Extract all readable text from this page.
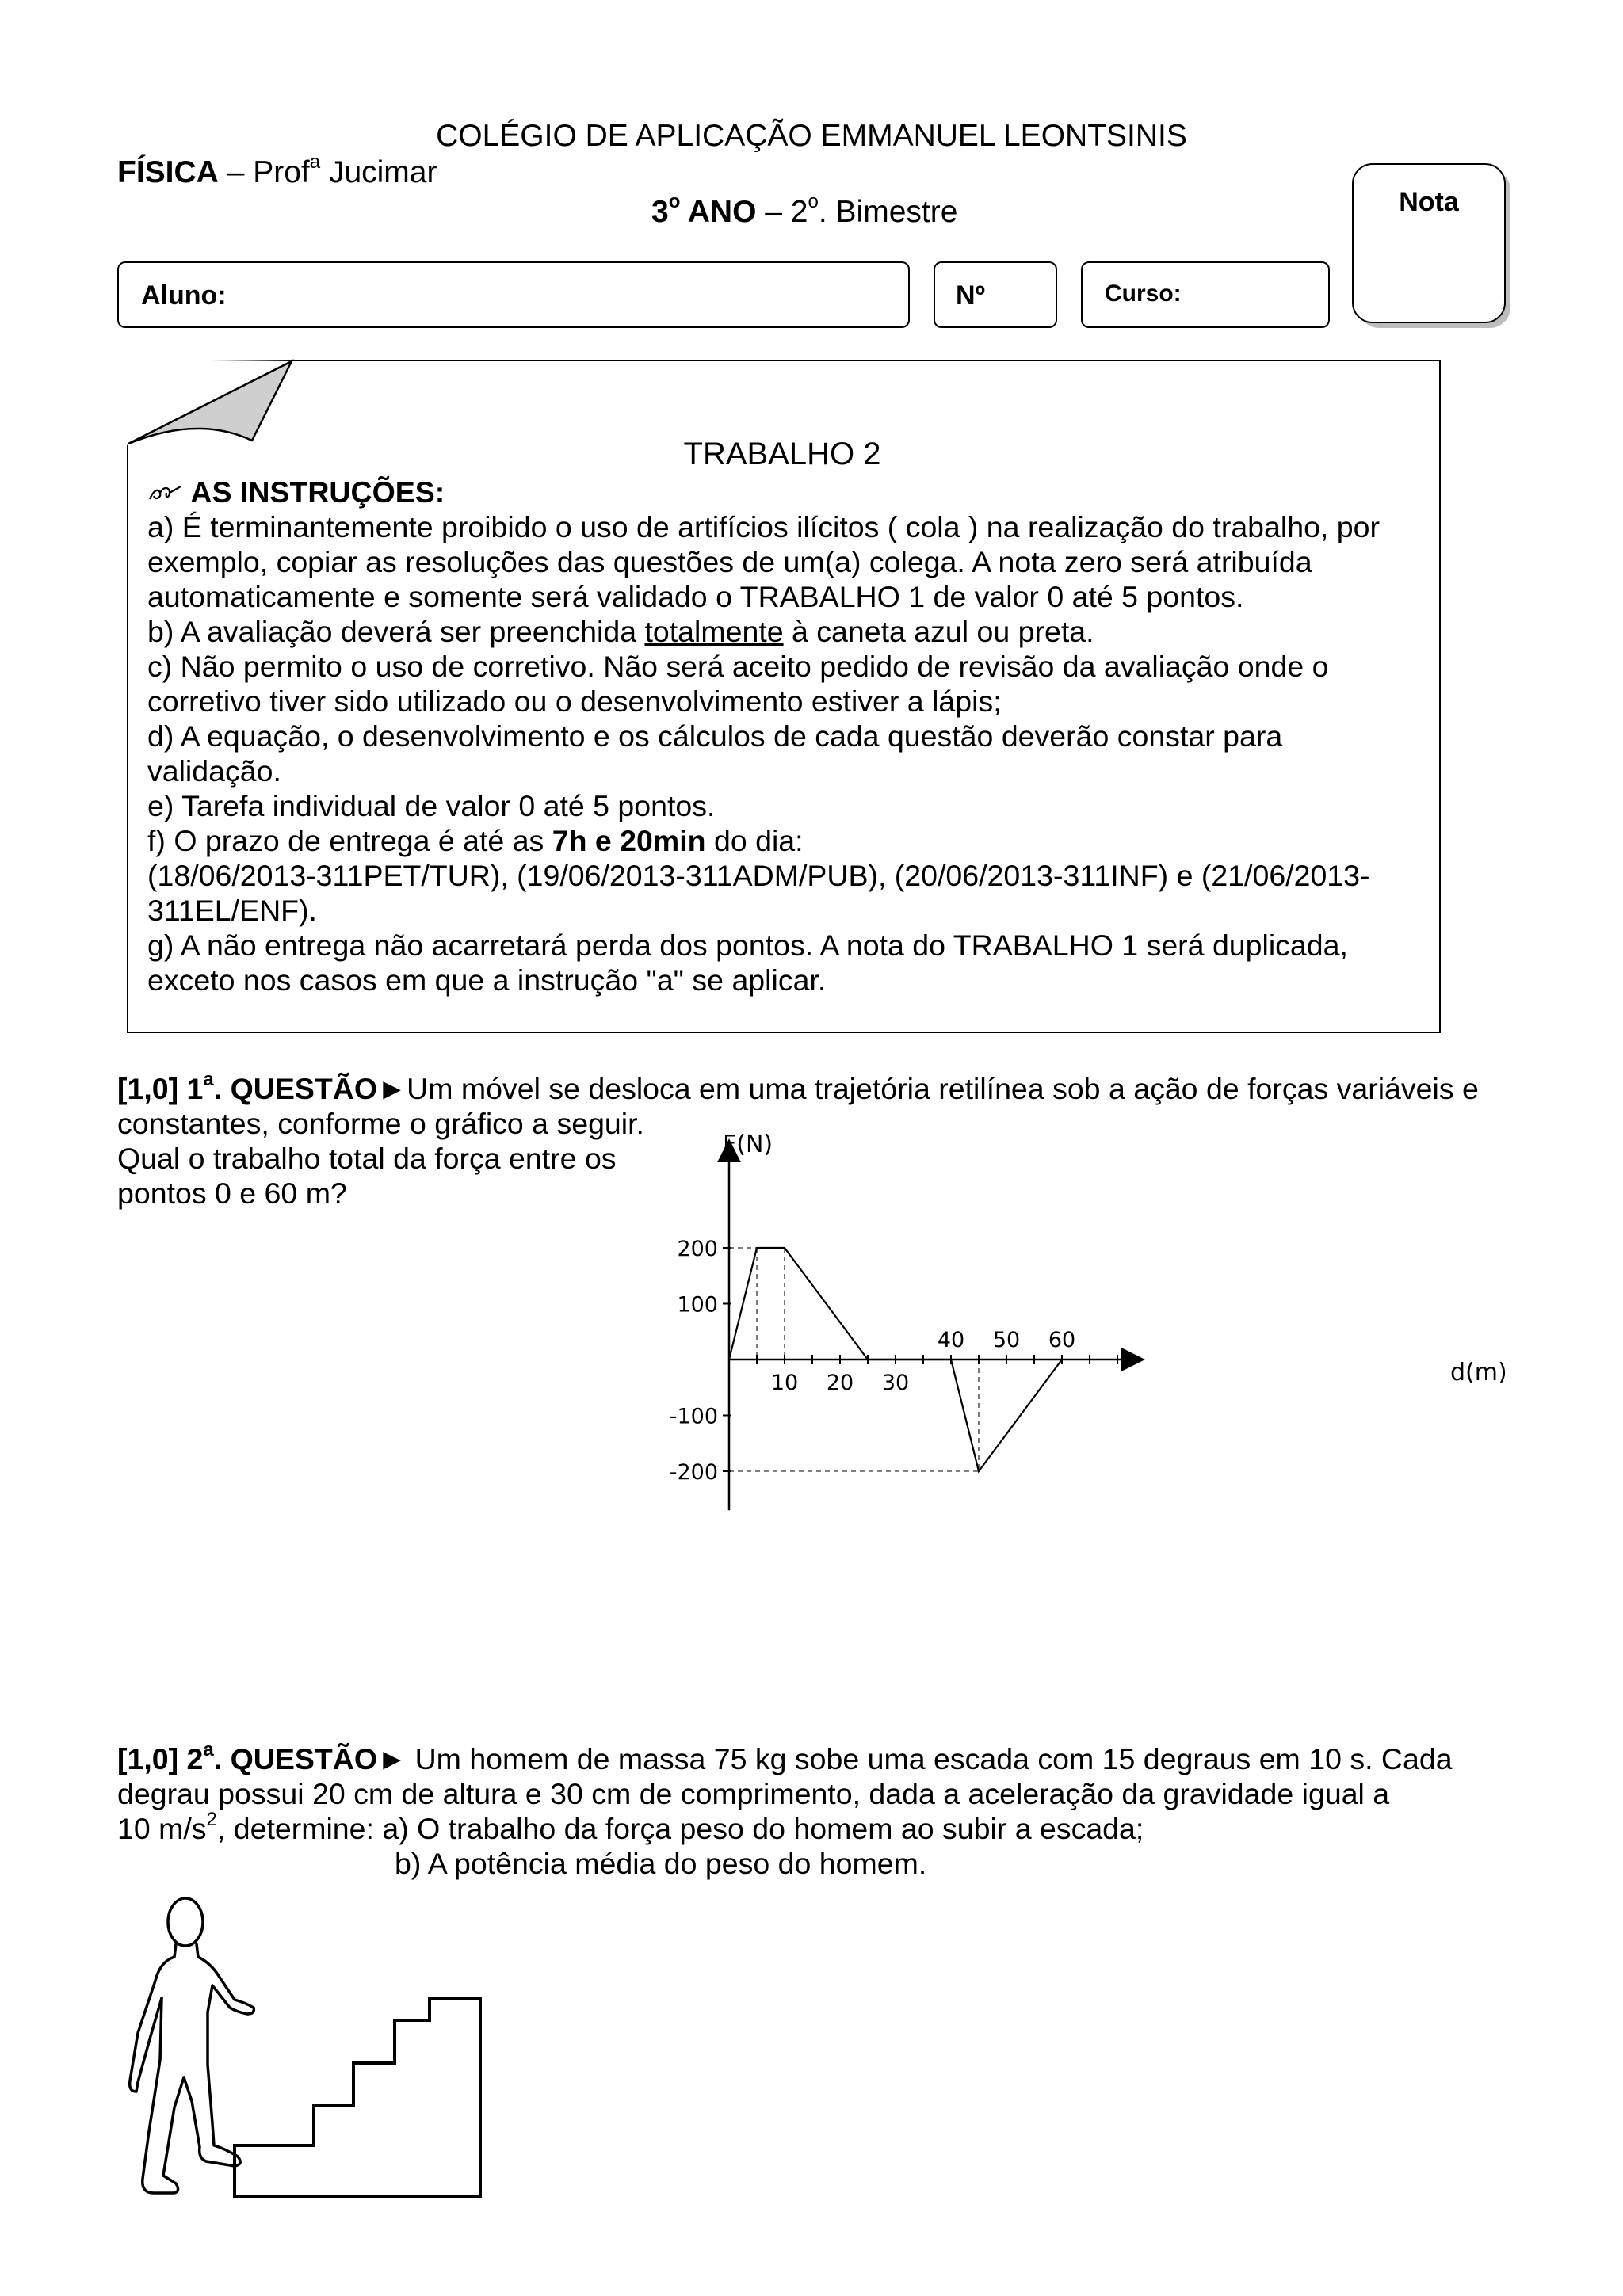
COLÉGIO DE APLICAÇÃO EMMANUEL LEONTSINIS
FÍSICA – Prof$^a$ Jucimar
3$^o$ ANO – 2$^o$. Bimestre	Nota
Aluno:	Nº	Curso:
TRABALHO 2
AS INSTRUÇÕES:
a) É terminantemente proibido o uso de artifícios ilícitos ( cola ) na realização do trabalho, por
exemplo, copiar as resoluções das questões de um(a) colega. A nota zero será atribuída
automaticamente e somente será validado o TRABALHO 1 de valor 0 até 5 pontos.
b) A avaliação deverá ser preenchida totalmente à caneta azul ou preta.
c) Não permito o uso de corretivo. Não será aceito pedido de revisão da avaliação onde o
corretivo tiver sido utilizado ou o desenvolvimento estiver a lápis;
d) A equação, o desenvolvimento e os cálculos de cada questão deverão constar para
validação.
e) Tarefa individual de valor 0 até 5 pontos.
f) O prazo de entrega é até as 7h e 20min do dia:
(18/06/2013-311PET/TUR), (19/06/2013-311ADM/PUB), (20/06/2013-311INF) e (21/06/2013-
311EL/ENF).
g) A não entrega não acarretará perda dos pontos. A nota do TRABALHO 1 será duplicada,
exceto nos casos em que a instrução "a" se aplicar.
[1,0] 1$^a$. QUESTÃO►Um móvel se desloca em uma trajetória retilínea sob a ação de forças variáveis e
constantes, conforme o gráfico a seguir.
Qual o trabalho total da força entre os
pontos 0 e 60 m?
10 20 30
40 50 60
200
100
-100
-200
F(N)
d(m)
[1,0] 2$^a$. QUESTÃO► Um homem de massa 75 kg sobe uma escada com 15 degraus em 10 s. Cada
degrau possui 20 cm de altura e 30 cm de comprimento, dada a aceleração da gravidade igual a
10 $m/s^2$, determine: a) O trabalho da força peso do homem ao subir a escada;
b) A potência média do peso do homem.
